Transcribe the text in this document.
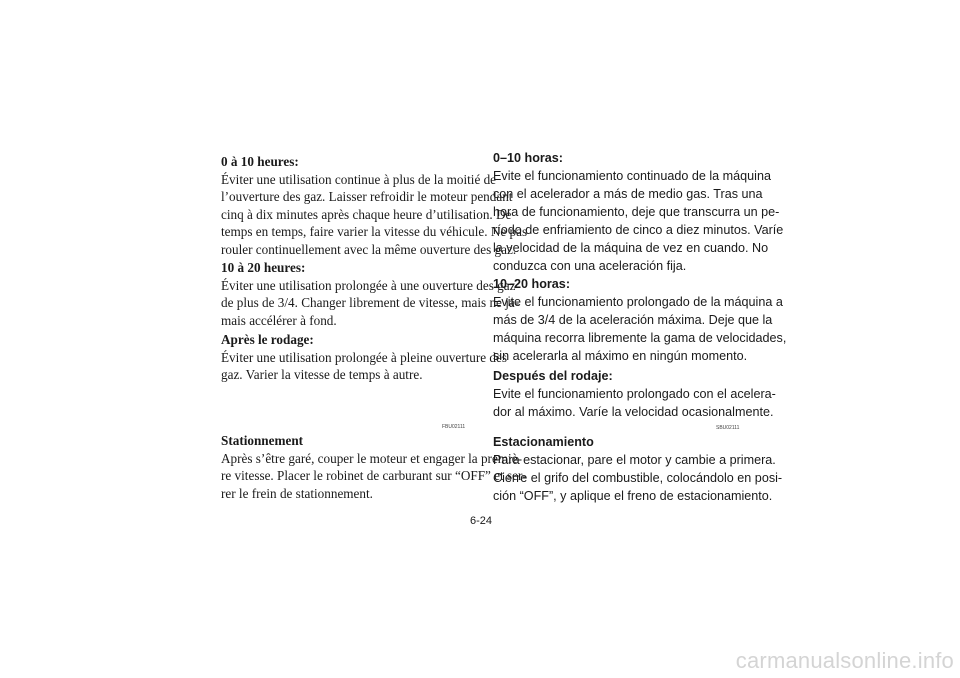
0 à 10 heures:
Éviter une utilisation continue à plus de la moitié de
l’ouverture des gaz. Laisser refroidir le moteur pendant
cinq à dix minutes après chaque heure d’utilisation. De
temps en temps, faire varier la vitesse du véhicule. Ne pas
rouler continuellement avec la même ouverture des gaz.
10 à 20 heures:
Éviter une utilisation prolongée à une ouverture des gaz
de plus de 3/4. Changer librement de vitesse, mais ne ja-
mais accélérer à fond.
Après le rodage:
Éviter une utilisation prolongée à pleine ouverture des
gaz. Varier la vitesse de temps à autre.
Stationnement
Après s’être garé, couper le moteur et engager la premiè-
re vitesse. Placer le robinet de carburant sur “OFF” et ser-
rer le frein de stationnement.
FBU02111
0–10 horas:
Evite el funcionamiento continuado de la máquina
con el acelerador a más de medio gas. Tras una
hora de funcionamiento, deje que transcurra un pe-
ríodo de enfriamiento de cinco a diez minutos. Varíe
la velocidad de la máquina de vez en cuando. No
conduzca con una aceleración fija.
10–20 horas:
Evite el funcionamiento prolongado de la máquina a
más de 3/4 de la aceleración máxima. Deje que la
máquina recorra libremente la gama de velocidades,
sin acelerarla al máximo en ningún momento.
Después del rodaje:
Evite el funcionamiento prolongado con el acelera-
dor al máximo. Varíe la velocidad ocasionalmente.
Estacionamiento
Para estacionar, pare el motor y cambie a primera.
Cierre el grifo del combustible, colocándolo en posi-
ción “OFF”, y aplique el freno de estacionamiento.
SBU02111
6-24
carmanualsonline.info
